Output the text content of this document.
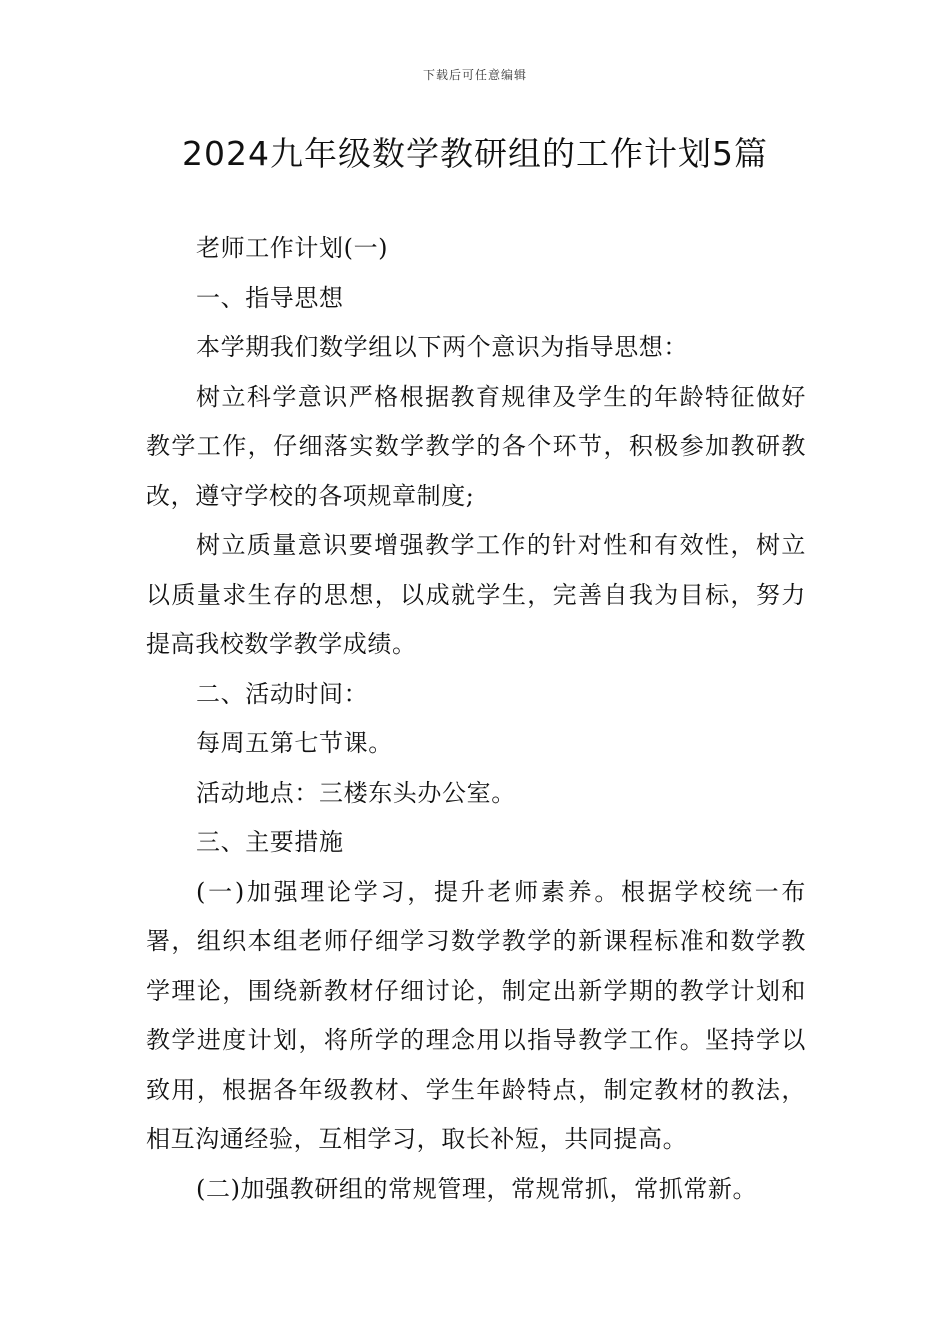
下载后可任意编辑
2024九年级数学教研组的工作计划5篇

老师工作计划(一)

一、指导思想

本学期我们数学组以下两个意识为指导思想：

树立科学意识严格根据教育规律及学生的年龄特征做好教学工作，仔细落实数学教学的各个环节，积极参加教研教改，遵守学校的各项规章制度;

树立质量意识要增强教学工作的针对性和有效性，树立以质量求生存的思想，以成就学生，完善自我为目标，努力提高我校数学教学成绩。

二、活动时间：

每周五第七节课。

活动地点：三楼东头办公室。

三、主要措施

(一)加强理论学习，提升老师素养。根据学校统一布署，组织本组老师仔细学习数学教学的新课程标准和数学教学理论，围绕新教材仔细讨论，制定出新学期的教学计划和教学进度计划，将所学的理念用以指导教学工作。坚持学以致用，根据各年级教材、学生年龄特点，制定教材的教法，相互沟通经验，互相学习，取长补短，共同提高。

(二)加强教研组的常规管理，常规常抓，常抓常新。
